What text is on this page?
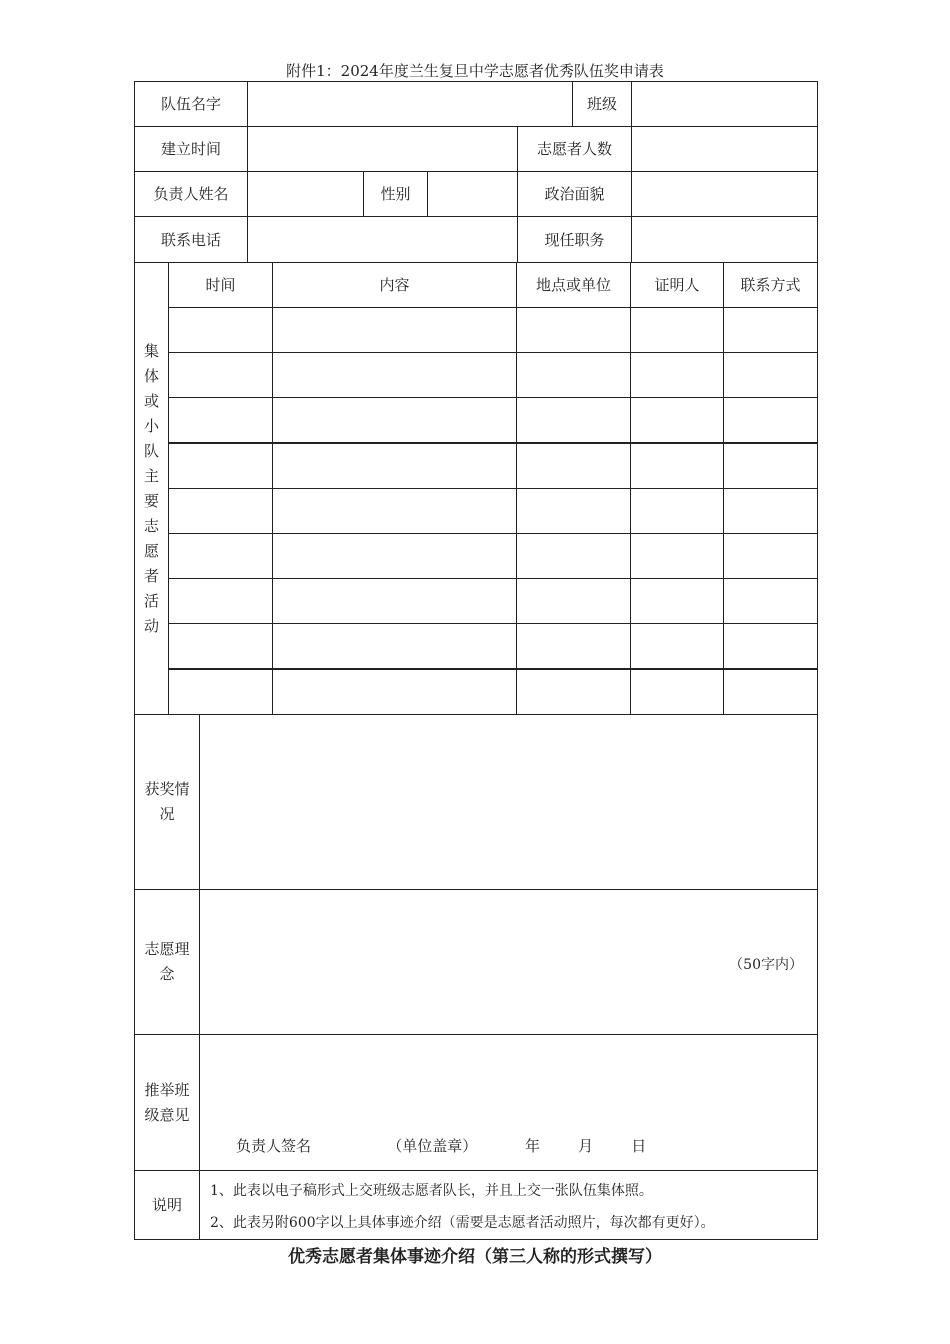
附件1：2024年度兰生复旦中学志愿者优秀队伍奖申请表
队伍名字	班级
建立时间	志愿者人数
负责人姓名	性别	政治面貌
联系电话	现任职务
集
体
或
小
队
主
要
志
愿
者
活
动
获奖情
况
志愿理
念	（50字内）
推举班
级意见
负责人签名                （单位盖章）          年        月        日
说明
1、此表以电子稿形式上交班级志愿者队长，并且上交一张队伍集体照。
2、此表另附600字以上具体事迹介绍（需要是志愿者活动照片，每次都有更好）。
时间	内容	地点或单位	证明人	联系方式
优秀志愿者集体事迹介绍（第三人称的形式撰写）
